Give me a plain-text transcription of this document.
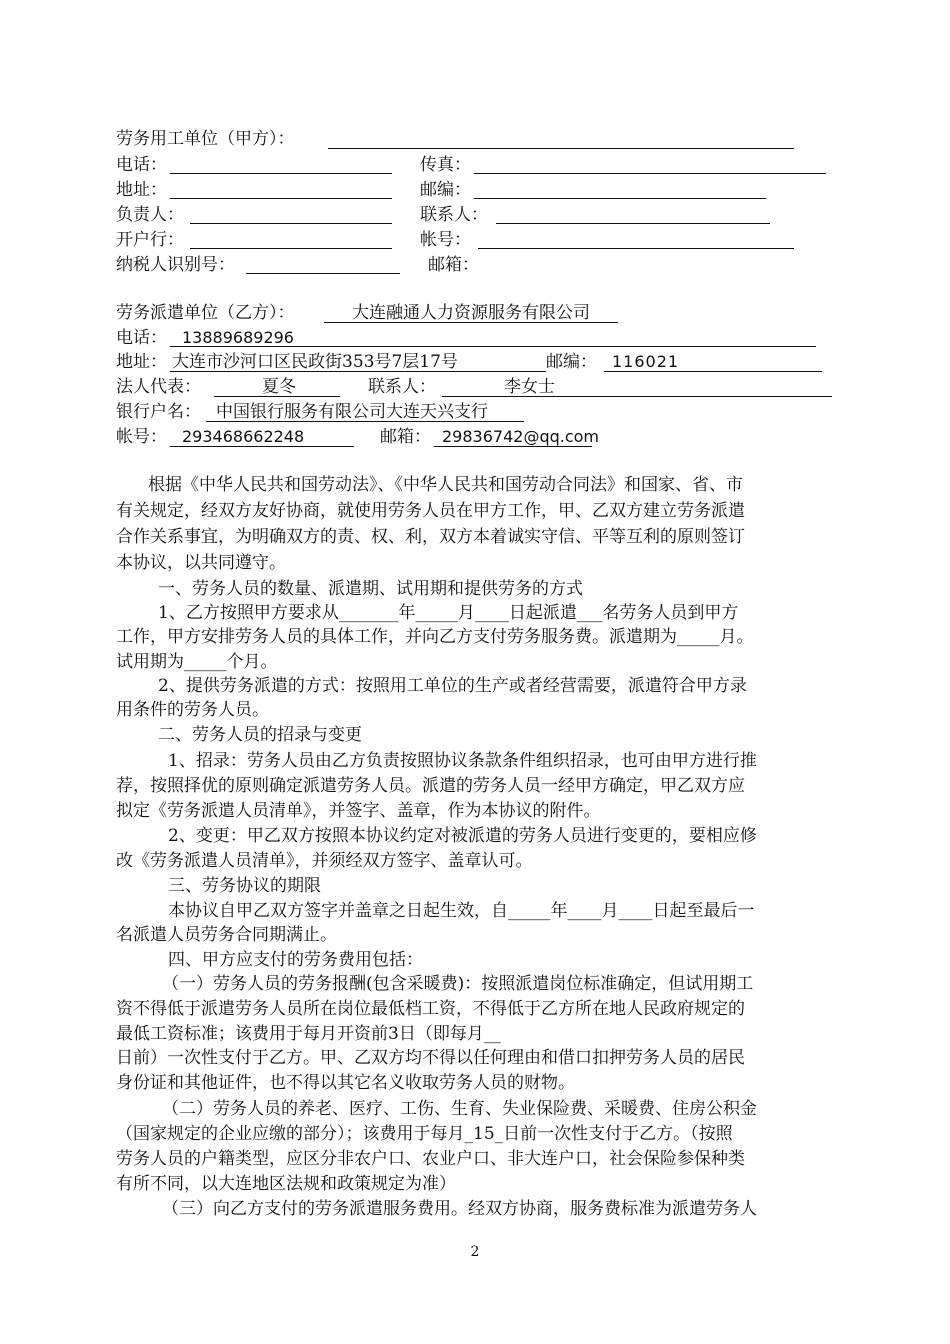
劳务用工单位（甲方）：
电话：	传真：
地址：	邮编：
负责人：	联系人：
开户行：	帐号：
纳税人识别号：	邮箱：
劳务派遣单位（乙方）：	大连融通人力资源服务有限公司
电话： 13889689296
地址： 大连市沙河口区民政街353号7层17号	邮编： 116021
法人代表：	夏冬	联系人：	李女士
银行户名： 中国银行服务有限公司大连天兴支行
帐号： 293468662248	邮箱： 29836742@qq.com
根据《中华人民共和国劳动法》、《中华人民共和国劳动合同法》和国家、省、市
有关规定，经双方友好协商，就使用劳务人员在甲方工作，甲、乙双方建立劳务派遣
合作关系事宜，为明确双方的责、权、利，双方本着诚实守信、平等互利的原则签订
本协议，以共同遵守。
一、劳务人员的数量、派遣期、试用期和提供劳务的方式
1、乙方按照甲方要求从_______年_____月____日起派遣___名劳务人员到甲方
工作，甲方安排劳务人员的具体工作，并向乙方支付劳务服务费。派遣期为_____月。
试用期为_____个月。
2、提供劳务派遣的方式：按照用工单位的生产或者经营需要，派遣符合甲方录
用条件的劳务人员。
二、劳务人员的招录与变更
1、招录：劳务人员由乙方负责按照协议条款条件组织招录，也可由甲方进行推
荐，按照择优的原则确定派遣劳务人员。派遣的劳务人员一经甲方确定，甲乙双方应
拟定《劳务派遣人员清单》，并签字、盖章，作为本协议的附件。
2、变更：甲乙双方按照本协议约定对被派遣的劳务人员进行变更的，要相应修
改《劳务派遣人员清单》，并须经双方签字、盖章认可。
三、劳务协议的期限
本协议自甲乙双方签字并盖章之日起生效，自_____年____月____日起至最后一
名派遣人员劳务合同期满止。
四、甲方应支付的劳务费用包括：
（一）劳务人员的劳务报酬(包含采暖费)：按照派遣岗位标准确定，但试用期工
资不得低于派遣劳务人员所在岗位最低档工资，不得低于乙方所在地人民政府规定的
最低工资标准；该费用于每月开资前3日（即每月__
日前）一次性支付于乙方。甲、乙双方均不得以任何理由和借口扣押劳务人员的居民
身份证和其他证件，也不得以其它名义收取劳务人员的财物。
（二）劳务人员的养老、医疗、工伤、生育、失业保险费、采暖费、住房公积金
（国家规定的企业应缴的部分）；该费用于每月_15_日前一次性支付于乙方。（按照
劳务人员的户籍类型，应区分非农户口、农业户口、非大连户口，社会保险参保种类
有所不同，以大连地区法规和政策规定为准）
（三）向乙方支付的劳务派遣服务费用。经双方协商，服务费标准为派遣劳务人
2
